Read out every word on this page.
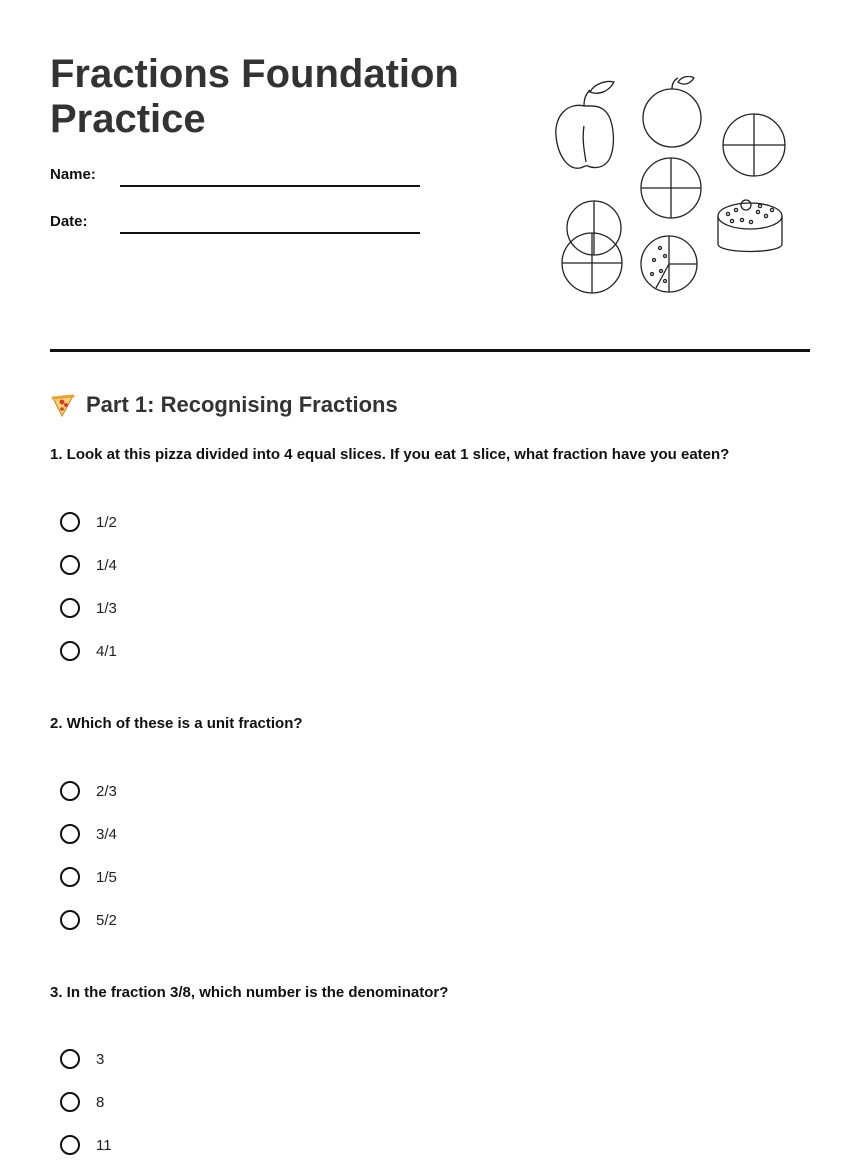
Fractions Foundation Practice
Name:
Date:
Part 1: Recognising Fractions

1. Look at this pizza divided into 4 equal slices. If you eat 1 slice, what fraction have you eaten?

1/2
1/4
1/3
4/1

2. Which of these is a unit fraction?

2/3
3/4
1/5
5/2

3. In the fraction 3/8, which number is the denominator?

3
8
11
